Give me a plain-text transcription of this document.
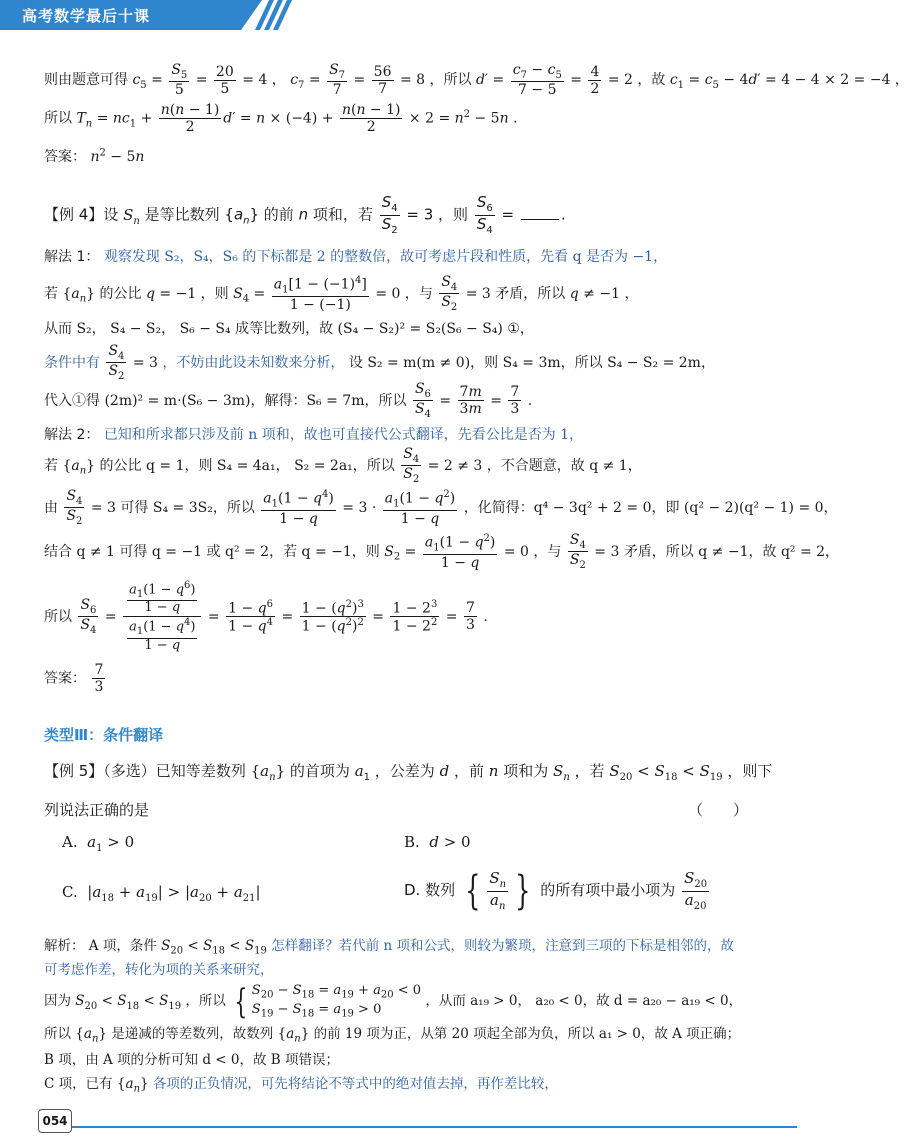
高考数学最后十课
则由题意可得 $c_5 = \frac{S_5}{5} = \frac{20}{5} = 4$ ， $c_7 = \frac{S_7}{7} = \frac{56}{7} = 8$ ，所以 $d' = \frac{c_7 - c_5}{7 - 5} = \frac{4}{2} = 2$ ，故 $c_1 = c_5 - 4d' = 4 - 4 \times 2 = -4$ ，
所以 $T_n = nc_1 + \frac{n(n - 1)}{2} d' = n \times (-4) + \frac{n(n - 1)}{2} \times 2 = n^2 - 5n$ .
答案： $n^2 - 5n$
【例 4】设 $S_n$ 是等比数列 $\{a_n\}$ 的前 n 项和，若 $\frac{S_4}{S_2} = 3$ ，则 $\frac{S_6}{S_4}$ =	.
解法 1： 观察发现 S₂，S₄，S₆ 的下标都是 2 的整数倍，故可考虑片段和性质，先看 q 是否为 −1，
若 $\{a_n\}$ 的公比 q = −1 ，则 $S_4 = \frac{a_1[1 - (-1)^4]}{1 - (-1)} = 0$ ，与 $\frac{S_4}{S_2} = 3$ 矛盾，所以 q ≠ −1 ，
从而 S₂， S₄ − S₂， S₆ − S₄ 成等比数列，故 (S₄ − S₂)² = S₂(S₆ − S₄) ①，
条件中有 $\frac{S_4}{S_2} = 3$ ，不妨由此设未知数来分析， 设 S₂ = m(m ≠ 0)，则 S₄ = 3m，所以 S₄ − S₂ = 2m，
代入①得 (2m)² = m·(S₆ − 3m)，解得：S₆ = 7m，所以 $\frac{S_6}{S_4} = \frac{7m}{3m} = \frac{7}{3}$ .
解法 2： 已知和所求都只涉及前 n 项和，故也可直接代公式翻译，先看公比是否为 1，
若 $\{a_n\}$ 的公比 q = 1，则 S₄ = 4a₁， S₂ = 2a₁，所以 $\frac{S_4}{S_2} = 2 \ne 3$ ，不合题意，故 q ≠ 1，
由 $\frac{S_4}{S_2} = 3$ 可得 S₄ = 3S₂，所以 $\frac{a_1(1 - q^4)}{1 - q} = 3 \cdot \frac{a_1(1 - q^2)}{1 - q}$ ，化简得：q⁴ − 3q² + 2 = 0，即 (q² − 2)(q² − 1) = 0，
结合 q ≠ 1 可得 q = −1 或 q² = 2，若 q = −1，则 $S_2 = \frac{a_1(1 - q^2)}{1 - q} = 0$ ，与 $\frac{S_4}{S_2} = 3$ 矛盾，所以 q ≠ −1，故 q² = 2，
所以 $\frac{S_6}{S_4} = \frac{\frac{a_1(1 - q^6)}{1 - q}}{\frac{a_1(1 - q^4)}{1 - q}} = \frac{1 - q^6}{1 - q^4} = \frac{1 - (q^2)^3}{1 - (q^2)^2} = \frac{1 - 2^3}{1 - 2^2} = \frac{7}{3}$ .
答案： $\frac{7}{3}$
类型Ⅲ：条件翻译
【例 5】（多选）已知等差数列 $\{a_n\}$ 的首项为 $a_1$ ，公差为 d ，前 n 项和为 $S_n$ ，若 $S_{20} < S_{18} < S_{19}$ ，则下
列说法正确的是	（　　）
A. $a_1 > 0$	B. d > 0
C.  $|a_{18} + a_{19}| > |a_{20} + a_{21}|$	D. 数列 { $\frac{S_n}{a_n}$ } 的所有项中最小项为 $\frac{S_{20}}{a_{20}}$
解析： A 项，条件 $S_{20} < S_{18} < S_{19}$ 怎样翻译？若代前 n 项和公式，则较为繁琐，注意到三项的下标是相邻的，故
可考虑作差，转化为项的关系来研究，
因为 $S_{20} < S_{18} < S_{19}$ ，所以 { $S_{20} - S_{18} = a_{19} + a_{20} < 0$
$S_{19} - S_{18} = a_{19} > 0$	，从而 a₁₉ > 0， a₂₀ < 0，故 d = a₂₀ − a₁₉ < 0，
所以 $\{a_n\}$ 是递减的等差数列，故数列 $\{a_n\}$ 的前 19 项为正，从第 20 项起全部为负，所以 a₁ > 0，故 A 项正确；
B 项，由 A 项的分析可知 d < 0，故 B 项错误；
C 项，已有 $\{a_n\}$ 各项的正负情况，可先将结论不等式中的绝对值去掉，再作差比较，
054
